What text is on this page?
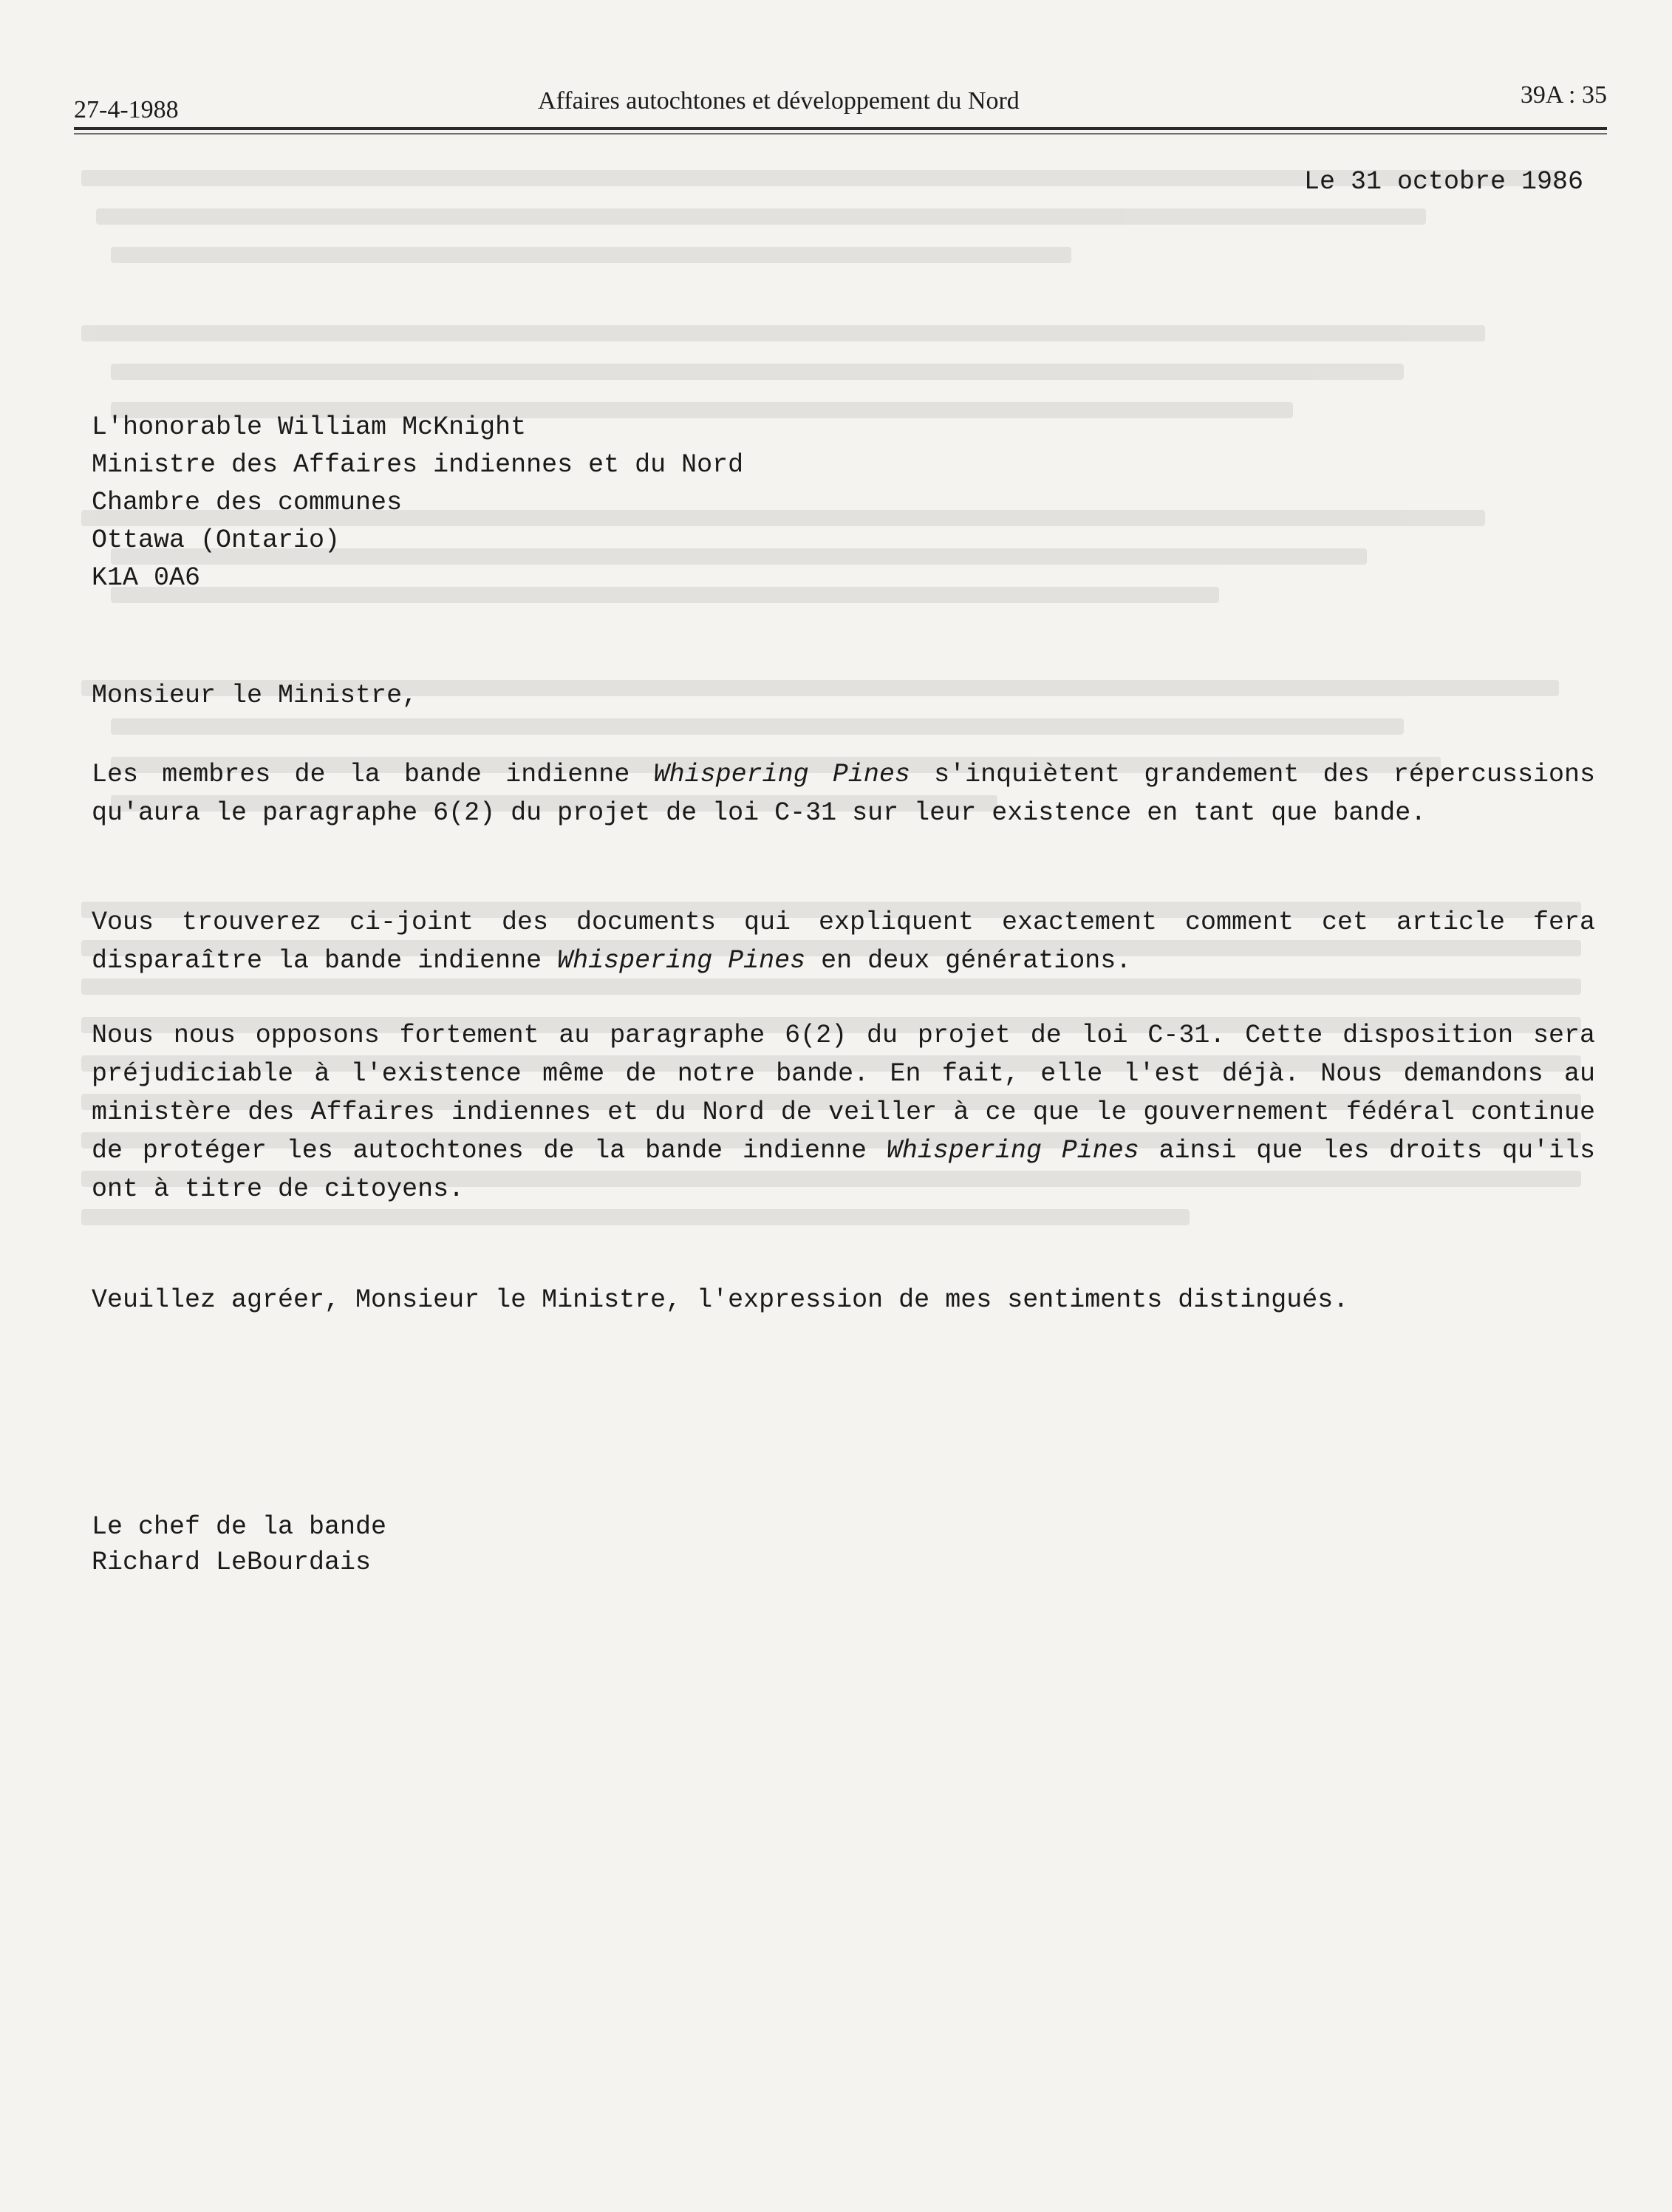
27-4-1988	Affaires autochtones et développement du Nord	39A : 35
Le 31 octobre 1986
L'honorable William McKnight
Ministre des Affaires indiennes et du Nord
Chambre des communes
Ottawa (Ontario)
K1A 0A6
Monsieur le Ministre,
Les membres de la bande indienne Whispering Pines s'inquiètent grandement des répercussions qu'aura le paragraphe 6(2) du projet de loi C-31 sur leur existence en tant que bande.
Vous trouverez ci-joint des documents qui expliquent exactement comment cet article fera disparaître la bande indienne Whispering Pines en deux générations.
Nous nous opposons fortement au paragraphe 6(2) du projet de loi C-31. Cette disposition sera préjudiciable à l'existence même de notre bande. En fait, elle l'est déjà. Nous demandons au ministère des Affaires indiennes et du Nord de veiller à ce que le gouvernement fédéral continue de protéger les autochtones de la bande indienne Whispering Pines ainsi que les droits qu'ils ont à titre de citoyens.
Veuillez agréer, Monsieur le Ministre, l'expression de mes sentiments distingués.
Le chef de la bande
Richard LeBourdais
